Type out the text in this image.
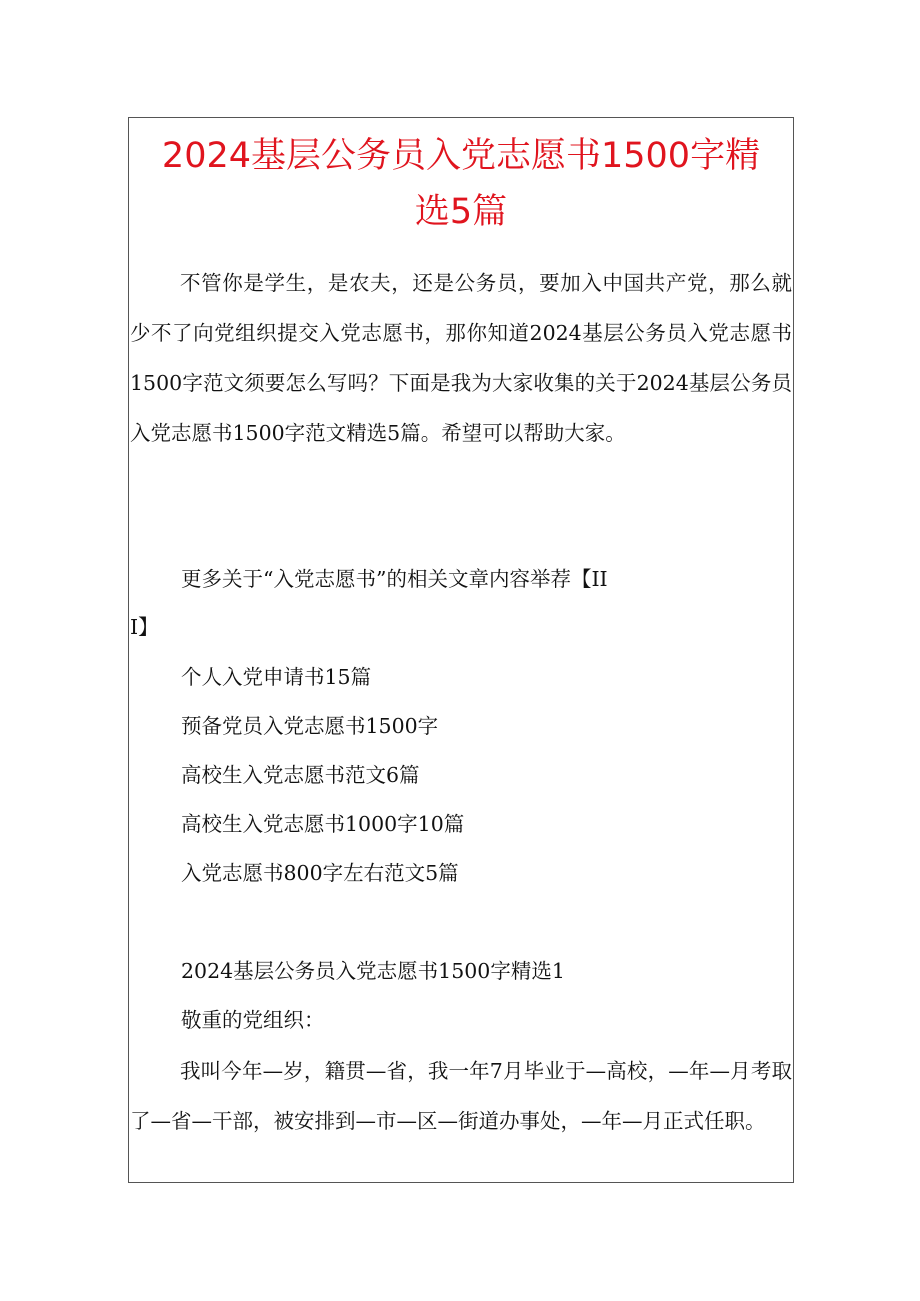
2024基层公务员入党志愿书1500字精
选5篇

不管你是学生，是农夫，还是公务员，要加入中国共产党，那么就少不了向党组织提交入党志愿书，那你知道2024基层公务员入党志愿书1500字范文须要怎么写吗？下面是我为大家收集的关于2024基层公务员入党志愿书1500字范文精选5篇。希望可以帮助大家。

更多关于“入党志愿书”的相关文章内容举荐【II

I】

个人入党申请书15篇

预备党员入党志愿书1500字

高校生入党志愿书范文6篇

高校生入党志愿书1000字10篇

入党志愿书800字左右范文5篇

2024基层公务员入党志愿书1500字精选1

敬重的党组织：

我叫今年—岁，籍贯—省，我一年7月毕业于—高校，—年—月考取了—省—干部，被安排到—市—区—街道办事处，—年—月正式任职。
